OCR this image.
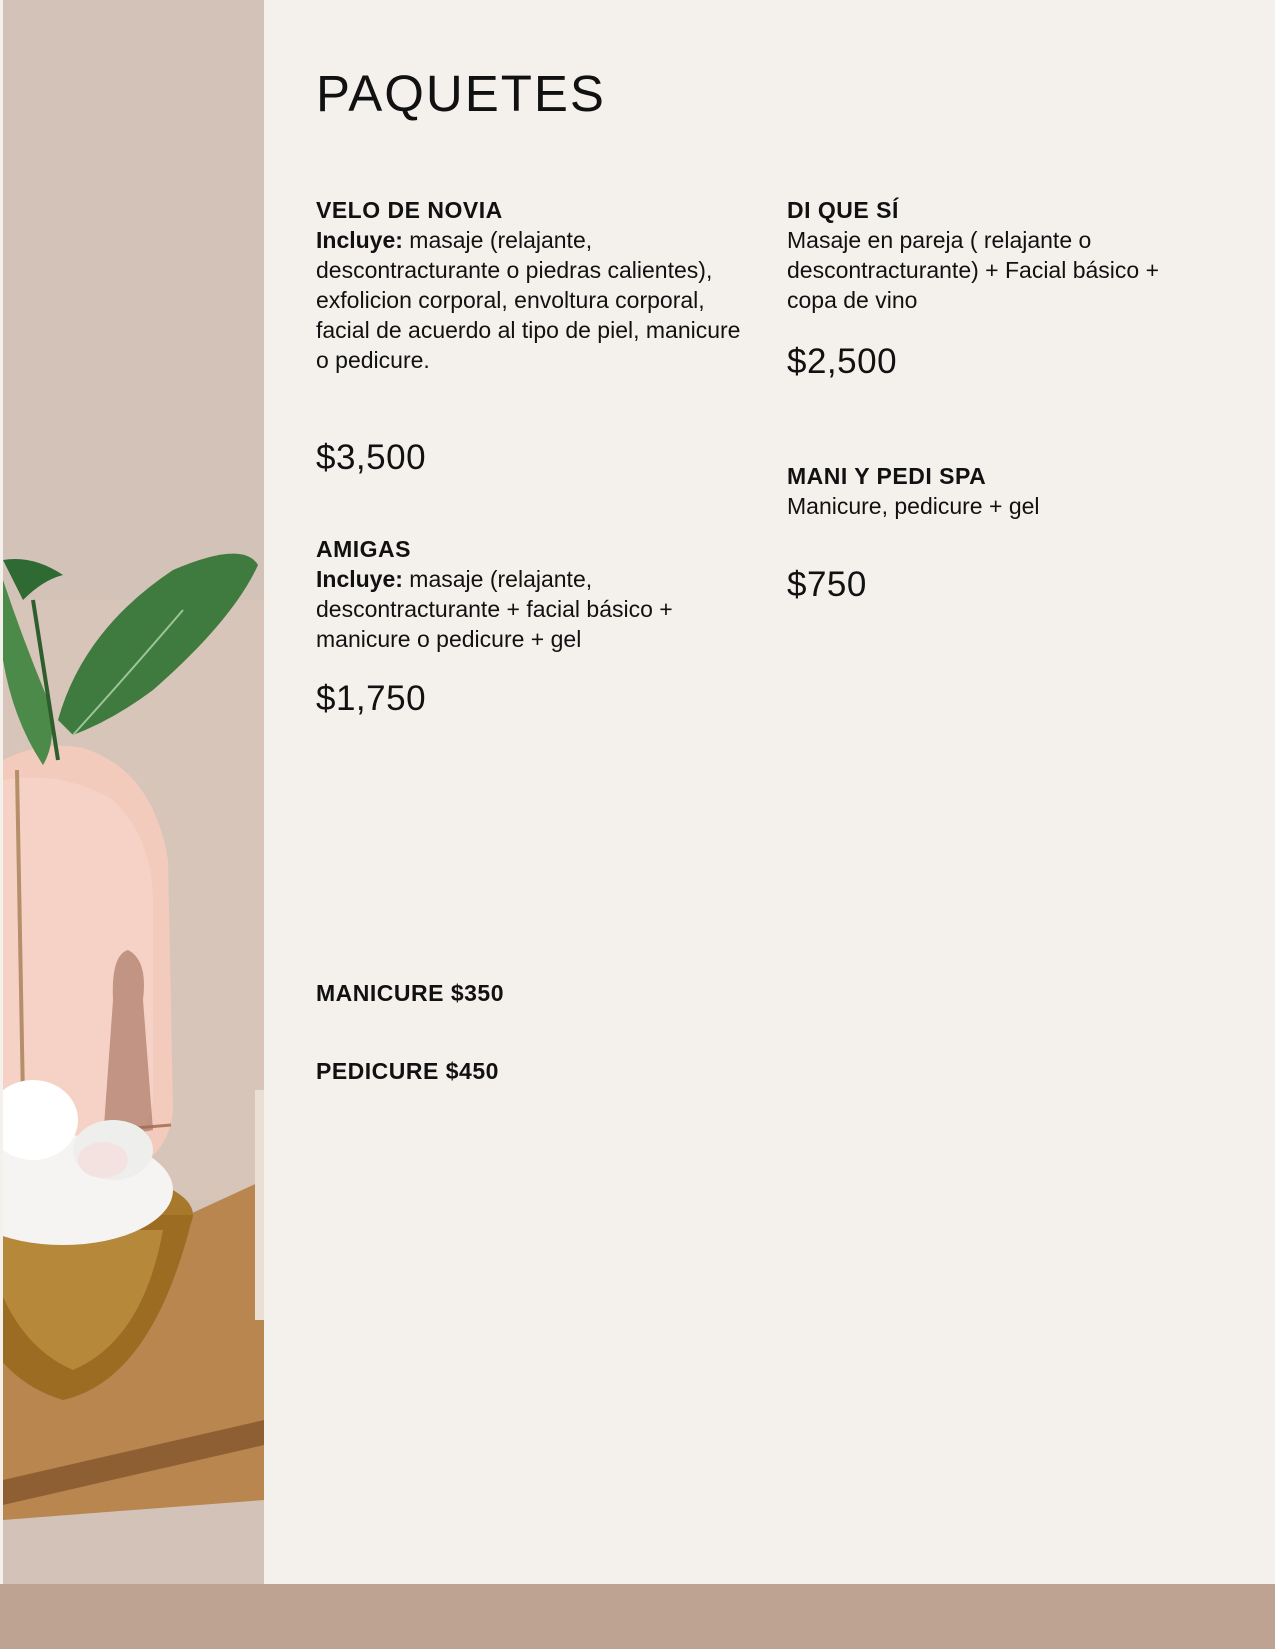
PAQUETES
VELO DE NOVIA

Incluye: masaje (relajante, descontracturante o piedras calientes), exfolicion corporal, envoltura corporal, facial de acuerdo al tipo de piel, manicure o pedicure.

$3,500
AMIGAS

Incluye: masaje (relajante, descontracturante + facial básico + manicure o pedicure + gel

$1,750
DI QUE SÍ

Masaje en pareja ( relajante o descontracturante) + Facial básico + copa de vino

$2,500
MANI Y PEDI SPA

Manicure, pedicure + gel

$750
MANICURE $350
PEDICURE $450
